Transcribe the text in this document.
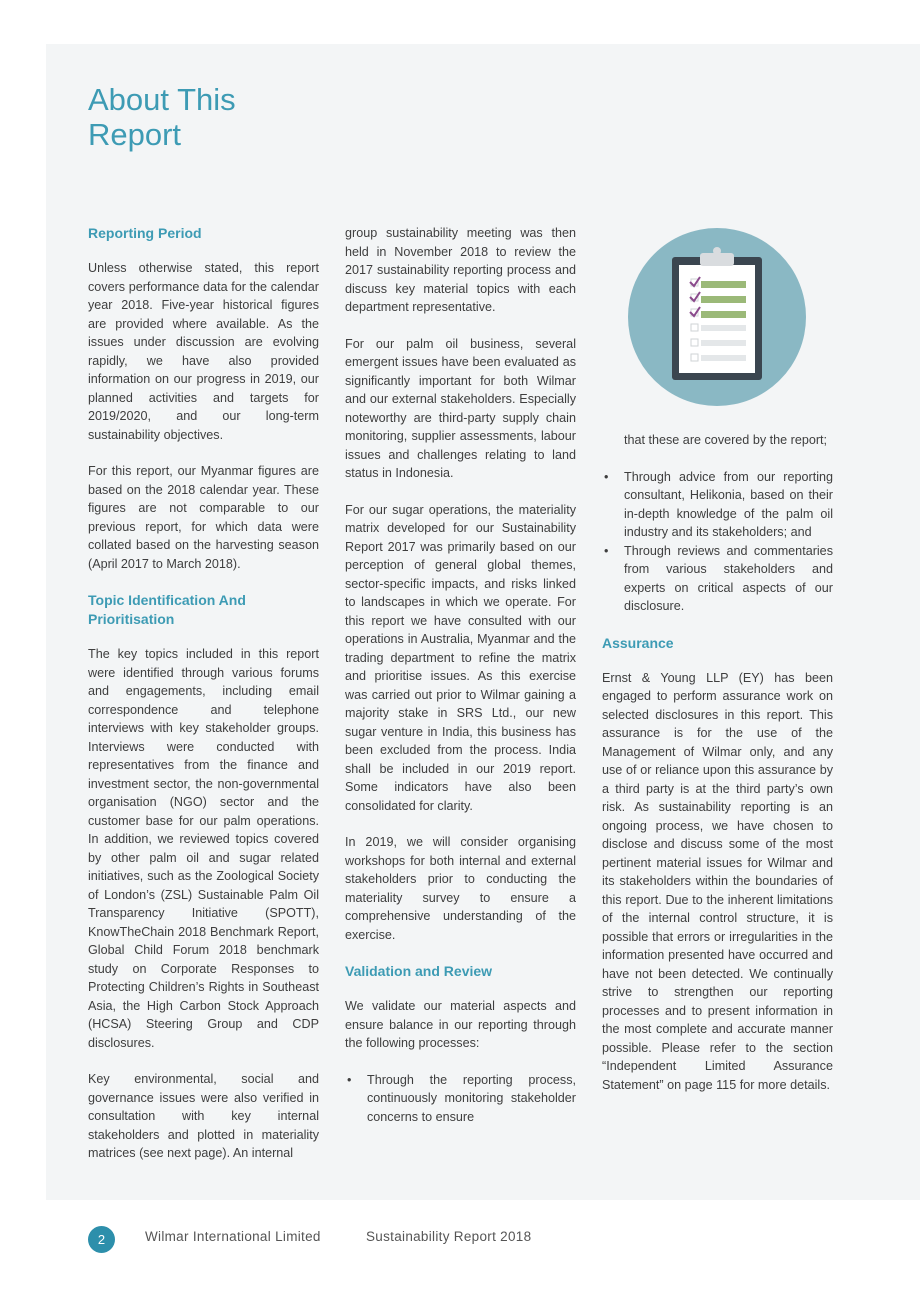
About This
Report
Reporting Period

Unless otherwise stated, this report covers performance data for the calendar year 2018. Five-year historical figures are provided where available. As the issues under discussion are evolving rapidly, we have also provided information on our progress in 2019, our planned activities and targets for 2019/2020, and our long-term sustainability objectives.

For this report, our Myanmar figures are based on the 2018 calendar year. These figures are not comparable to our previous report, for which data were collated based on the harvesting season (April 2017 to March 2018).

Topic Identification And Prioritisation

The key topics included in this report were identified through various forums and engagements, including email correspondence and telephone interviews with key stakeholder groups. Interviews were conducted with representatives from the finance and investment sector, the non-governmental organisation (NGO) sector and the customer base for our palm operations. In addition, we reviewed topics covered by other palm oil and sugar related initiatives, such as the Zoological Society of London’s (ZSL) Sustainable Palm Oil Transparency Initiative (SPOTT), KnowTheChain 2018 Benchmark Report, Global Child Forum 2018 benchmark study on Corporate Responses to Protecting Children’s Rights in Southeast Asia, the High Carbon Stock Approach (HCSA) Steering Group and CDP disclosures.

Key environmental, social and governance issues were also verified in consultation with key internal stakeholders and plotted in materiality matrices (see next page). An internal

group sustainability meeting was then held in November 2018 to review the 2017 sustainability reporting process and discuss key material topics with each department representative.

For our palm oil business, several emergent issues have been evaluated as significantly important for both Wilmar and our external stakeholders. Especially noteworthy are third-party supply chain monitoring, supplier assessments, labour issues and challenges relating to land status in Indonesia.

For our sugar operations, the materiality matrix developed for our Sustainability Report 2017 was primarily based on our perception of general global themes, sector-specific impacts, and risks linked to landscapes in which we operate. For this report we have consulted with our operations in Australia, Myanmar and the trading department to refine the matrix and prioritise issues. As this exercise was carried out prior to Wilmar gaining a majority stake in SRS Ltd., our new sugar venture in India, this business has been excluded from the process. India shall be included in our 2019 report. Some indicators have also been consolidated for clarity.

In 2019, we will consider organising workshops for both internal and external stakeholders prior to conducting the materiality survey to ensure a comprehensive understanding of the exercise.

Validation and Review

We validate our material aspects and ensure balance in our reporting through the following processes:

• Through the reporting process, continuously monitoring stakeholder concerns to ensure

that these are covered by the report;

• Through advice from our reporting consultant, Helikonia, based on their in-depth knowledge of the palm oil industry and its stakeholders; and
• Through reviews and commentaries from various stakeholders and experts on critical aspects of our disclosure.
Assurance

Ernst & Young LLP (EY) has been engaged to perform assurance work on selected disclosures in this report. This assurance is for the use of the Management of Wilmar only, and any use of or reliance upon this assurance by a third party is at the third party’s own risk. As sustainability reporting is an ongoing process, we have chosen to disclose and discuss some of the most pertinent material issues for Wilmar and its stakeholders within the boundaries of this report. Due to the inherent limitations of the internal control structure, it is possible that errors or irregularities in the information presented have occurred and have not been detected. We continually strive to strengthen our reporting processes and to present information in the most complete and accurate manner possible. Please refer to the section “Independent Limited Assurance Statement” on page 115 for more details.

2	Wilmar International Limited	Sustainability Report 2018
